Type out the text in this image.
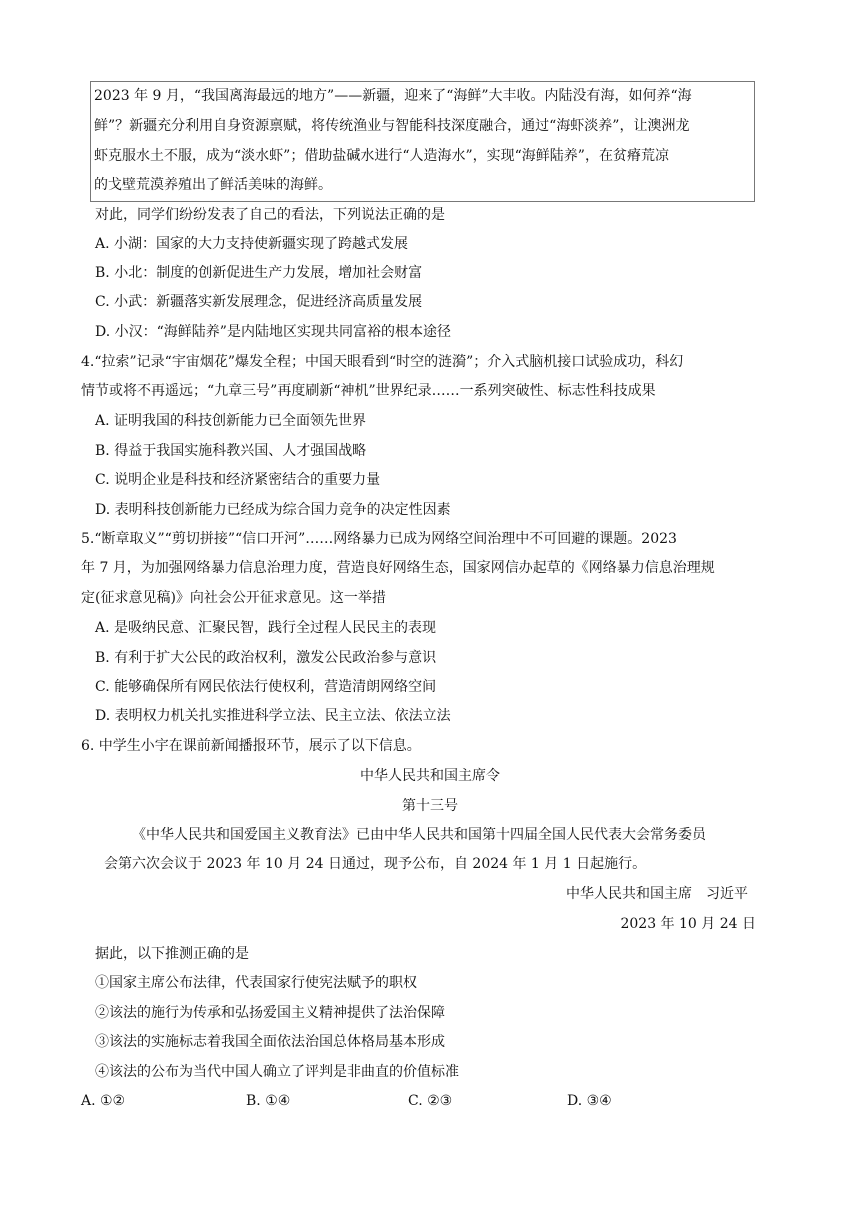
2023 年 9 月，“我国离海最远的地方”——新疆，迎来了“海鲜”大丰收。内陆没有海，如何养“海
鲜”？新疆充分利用自身资源禀赋，将传统渔业与智能科技深度融合，通过“海虾淡养”，让澳洲龙
虾克服水土不服，成为“淡水虾”；借助盐碱水进行“人造海水”，实现“海鲜陆养”，在贫瘠荒凉
的戈壁荒漠养殖出了鲜活美味的海鲜。
对此，同学们纷纷发表了自己的看法，下列说法正确的是
A. 小湖：国家的大力支持使新疆实现了跨越式发展
B. 小北：制度的创新促进生产力发展，增加社会财富
C. 小武：新疆落实新发展理念，促进经济高质量发展
D. 小汉：“海鲜陆养”是内陆地区实现共同富裕的根本途径
4.“拉索”记录“宇宙烟花”爆发全程；中国天眼看到“时空的涟漪”；介入式脑机接口试验成功，科幻
情节或将不再遥远；“九章三号”再度刷新“神机”世界纪录……一系列突破性、标志性科技成果
A. 证明我国的科技创新能力已全面领先世界
B. 得益于我国实施科教兴国、人才强国战略
C. 说明企业是科技和经济紧密结合的重要力量
D. 表明科技创新能力已经成为综合国力竞争的决定性因素
5.“断章取义”“剪切拼接”“信口开河”……网络暴力已成为网络空间治理中不可回避的课题。2023
年 7 月，为加强网络暴力信息治理力度，营造良好网络生态，国家网信办起草的《网络暴力信息治理规
定(征求意见稿)》向社会公开征求意见。这一举措
A. 是吸纳民意、汇聚民智，践行全过程人民民主的表现
B. 有利于扩大公民的政治权利，激发公民政治参与意识
C. 能够确保所有网民依法行使权利，营造清朗网络空间
D. 表明权力机关扎实推进科学立法、民主立法、依法立法
6. 中学生小宇在课前新闻播报环节，展示了以下信息。
中华人民共和国主席令
第十三号
《中华人民共和国爱国主义教育法》已由中华人民共和国第十四届全国人民代表大会常务委员
会第六次会议于 2023 年 10 月 24 日通过，现予公布，自 2024 年 1 月 1 日起施行。
中华人民共和国主席　习近平
2023 年 10 月 24 日
据此，以下推测正确的是
①国家主席公布法律，代表国家行使宪法赋予的职权
②该法的施行为传承和弘扬爱国主义精神提供了法治保障
③该法的实施标志着我国全面依法治国总体格局基本形成
④该法的公布为当代中国人确立了评判是非曲直的价值标准
A. ①②	B. ①④	C. ②③	D. ③④
